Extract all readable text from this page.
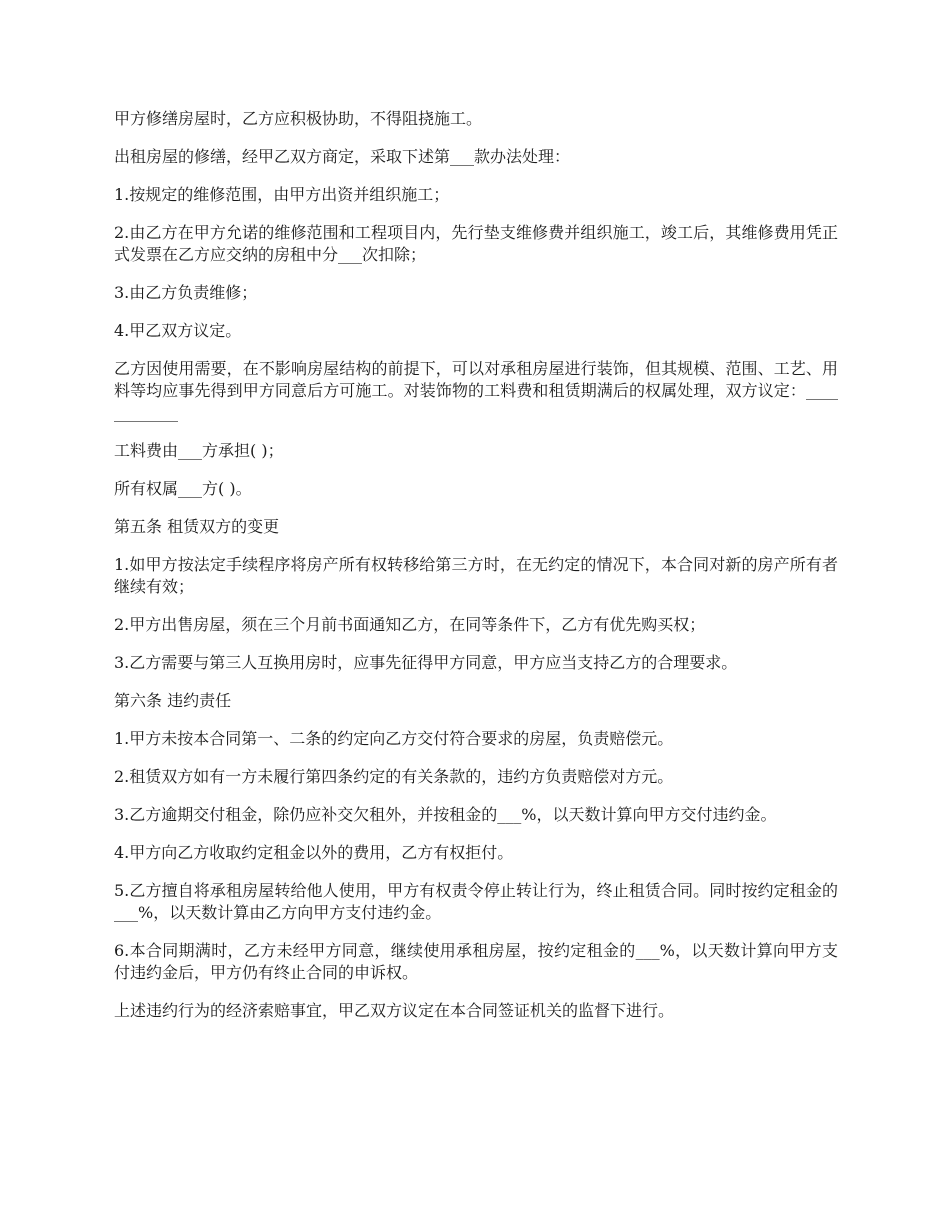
甲方修缮房屋时，乙方应积极协助，不得阻挠施工。

出租房屋的修缮，经甲乙双方商定，采取下述第___款办法处理：

1.按规定的维修范围，由甲方出资并组织施工；

2.由乙方在甲方允诺的维修范围和工程项目内，先行垫支维修费并组织施工，竣工后，其维修费用凭正式发票在乙方应交纳的房租中分___次扣除；

3.由乙方负责维修；

4.甲乙双方议定。

乙方因使用需要，在不影响房屋结构的前提下，可以对承租房屋进行装饰，但其规模、范围、工艺、用料等均应事先得到甲方同意后方可施工。对装饰物的工料费和租赁期满后的权属处理，双方议定：____________

工料费由___方承担( )；

所有权属___方( )。

第五条 租赁双方的变更

1.如甲方按法定手续程序将房产所有权转移给第三方时，在无约定的情况下，本合同对新的房产所有者继续有效；

2.甲方出售房屋，须在三个月前书面通知乙方，在同等条件下，乙方有优先购买权；

3.乙方需要与第三人互换用房时，应事先征得甲方同意，甲方应当支持乙方的合理要求。

第六条 违约责任

1.甲方未按本合同第一、二条的约定向乙方交付符合要求的房屋，负责赔偿元。

2.租赁双方如有一方未履行第四条约定的有关条款的，违约方负责赔偿对方元。

3.乙方逾期交付租金，除仍应补交欠租外，并按租金的___%，以天数计算向甲方交付违约金。

4.甲方向乙方收取约定租金以外的费用，乙方有权拒付。

5.乙方擅自将承租房屋转给他人使用，甲方有权责令停止转让行为，终止租赁合同。同时按约定租金的___%，以天数计算由乙方向甲方支付违约金。

6.本合同期满时，乙方未经甲方同意，继续使用承租房屋，按约定租金的___%，以天数计算向甲方支付违约金后，甲方仍有终止合同的申诉权。

上述违约行为的经济索赔事宜，甲乙双方议定在本合同签证机关的监督下进行。
